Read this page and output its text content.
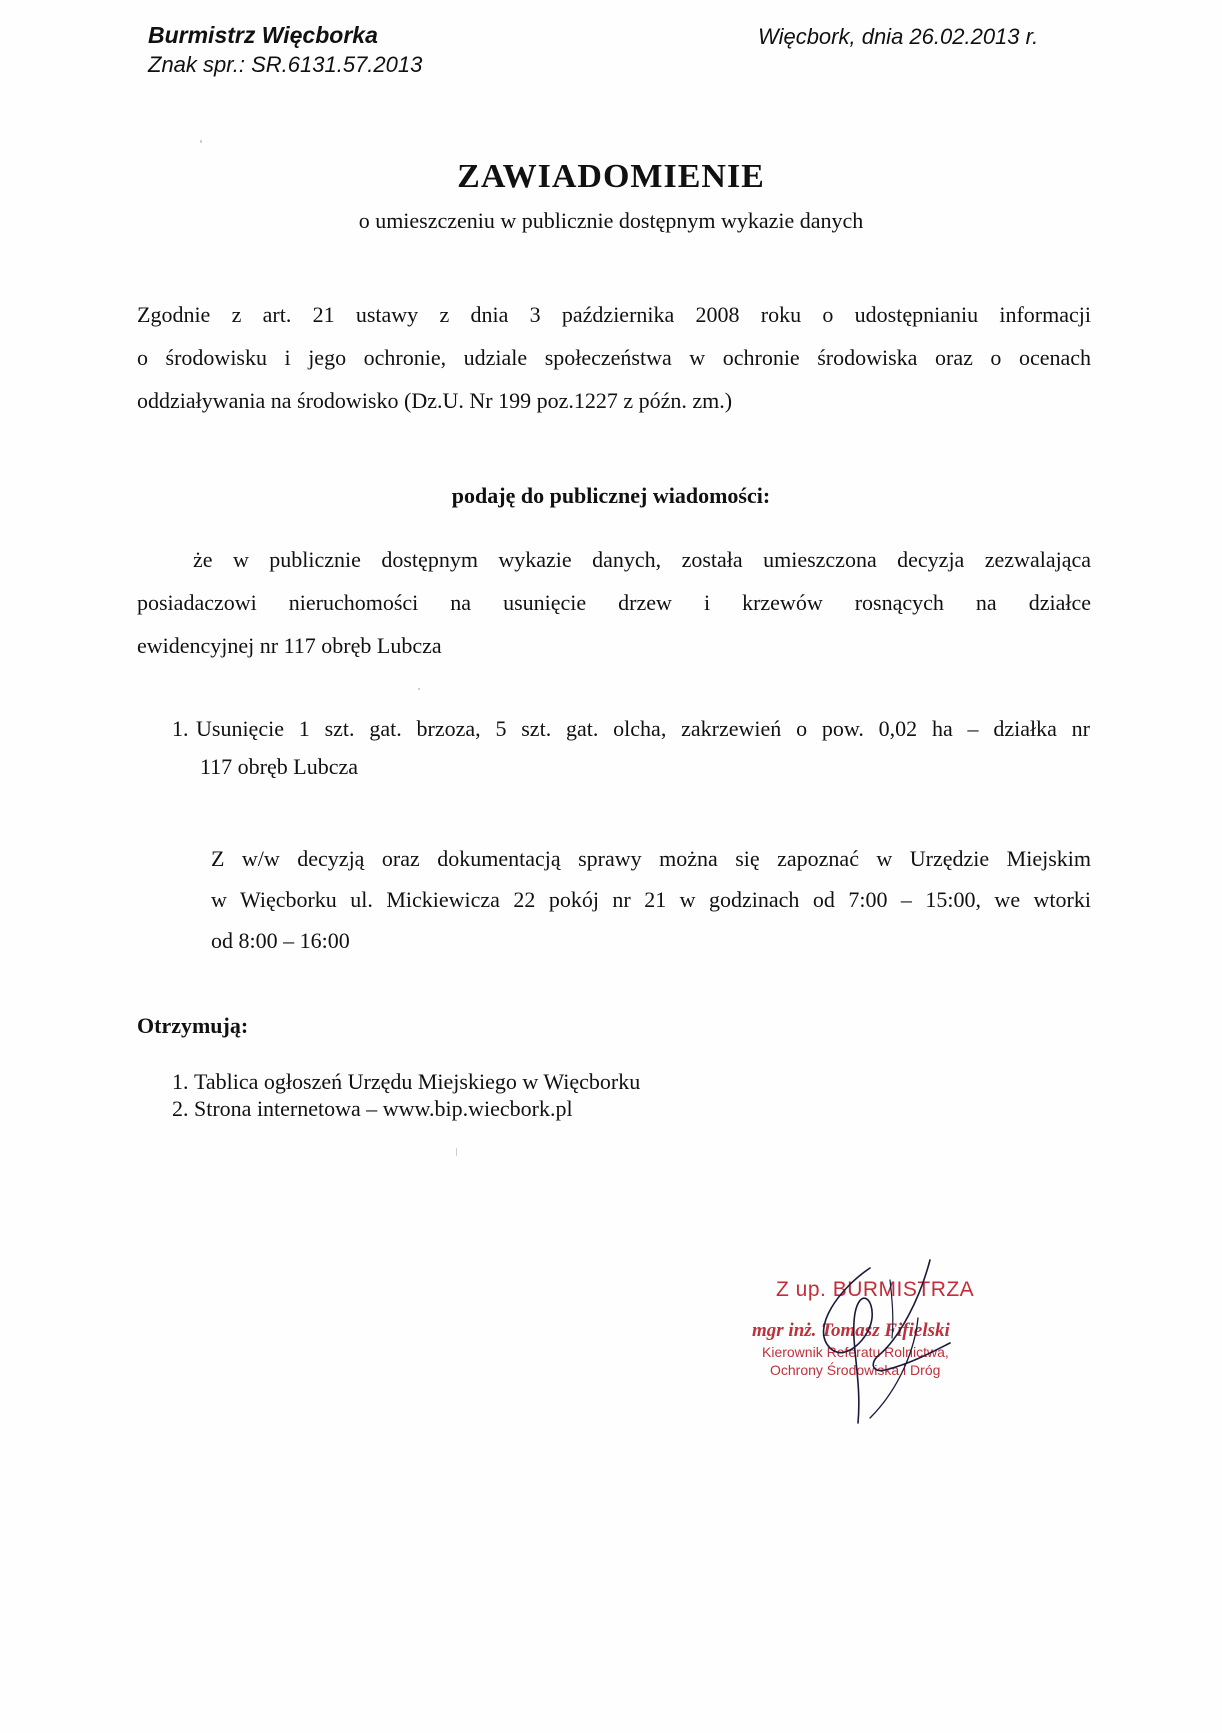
Burmistrz Więcborka
Znak spr.: SR.6131.57.2013
Więcbork, dnia 26.02.2013 r.
ZAWIADOMIENIE
o umieszczeniu w publicznie dostępnym wykazie danych
Zgodnie z art. 21 ustawy z dnia 3 października 2008 roku o udostępnianiu informacji
o środowisku i jego ochronie, udziale społeczeństwa w ochronie środowiska oraz o ocenach
oddziaływania na środowisko (Dz.U. Nr 199 poz.1227 z późn. zm.)
podaję do publicznej wiadomości:
że w publicznie dostępnym wykazie danych, została umieszczona decyzja zezwalająca
posiadaczowi nieruchomości na usunięcie drzew i krzewów rosnących na działce
ewidencyjnej nr 117 obręb Lubcza
1. Usunięcie 1 szt. gat. brzoza, 5 szt. gat. olcha, zakrzewień o pow. 0,02 ha – działka nr
117 obręb Lubcza
Z w/w decyzją oraz dokumentacją sprawy można się zapoznać w Urzędzie Miejskim
w Więcborku ul. Mickiewicza 22 pokój nr 21 w godzinach od 7:00 – 15:00, we wtorki
od 8:00 – 16:00
Otrzymują:
1. Tablica ogłoszeń Urzędu Miejskiego w Więcborku
2. Strona internetowa – www.bip.wiecbork.pl
Z up. BURMISTRZA
mgr inż. Tomasz Fifielski
Kierownik Referatu Rolnictwa,
Ochrony Środowiska i Dróg
